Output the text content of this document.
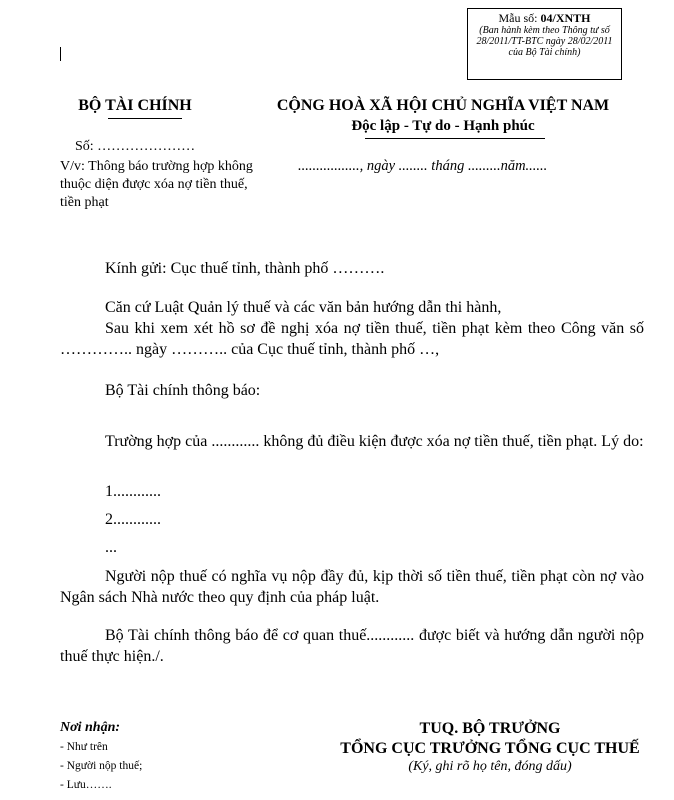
Mẫu số: 04/XNTH
(Ban hành kèm theo Thông tư số 28/2011/TT-BTC ngày 28/02/2011 của Bộ Tài chính)
BỘ TÀI CHÍNH	CỘNG HOÀ XÃ HỘI CHỦ NGHĨA VIỆT NAM
Độc lập - Tự do - Hạnh phúc
Số: …………………
V/v: Thông báo trường hợp không thuộc diện được xóa nợ tiền thuế, tiền phạt
................., ngày ........ tháng .........năm......
Kính gửi: Cục thuế tỉnh, thành phố ……….
Căn cứ Luật Quản lý thuế và các văn bản hướng dẫn thi hành,
Sau khi xem xét hồ sơ đề nghị xóa nợ tiền thuế, tiền phạt kèm theo Công văn số ………….. ngày ……….. của Cục thuế tỉnh, thành phố …,
Bộ Tài chính thông báo:
Trường hợp của ............ không đủ điều kiện được xóa nợ tiền thuế, tiền phạt. Lý do:
1............
2............
...
Người nộp thuế có nghĩa vụ nộp đầy đủ, kịp thời số tiền thuế, tiền phạt còn nợ vào Ngân sách Nhà nước theo quy định của pháp luật.
Bộ Tài chính thông báo để cơ quan thuế............ được biết và hướng dẫn người nộp thuế thực hiện./.
Nơi nhận:
- Như trên
- Người nộp thuế;
- Lưu…….
TUQ. BỘ TRƯỞNG
TỔNG CỤC TRƯỞNG TỔNG CỤC THUẾ
(Ký, ghi rõ họ tên, đóng dấu)
